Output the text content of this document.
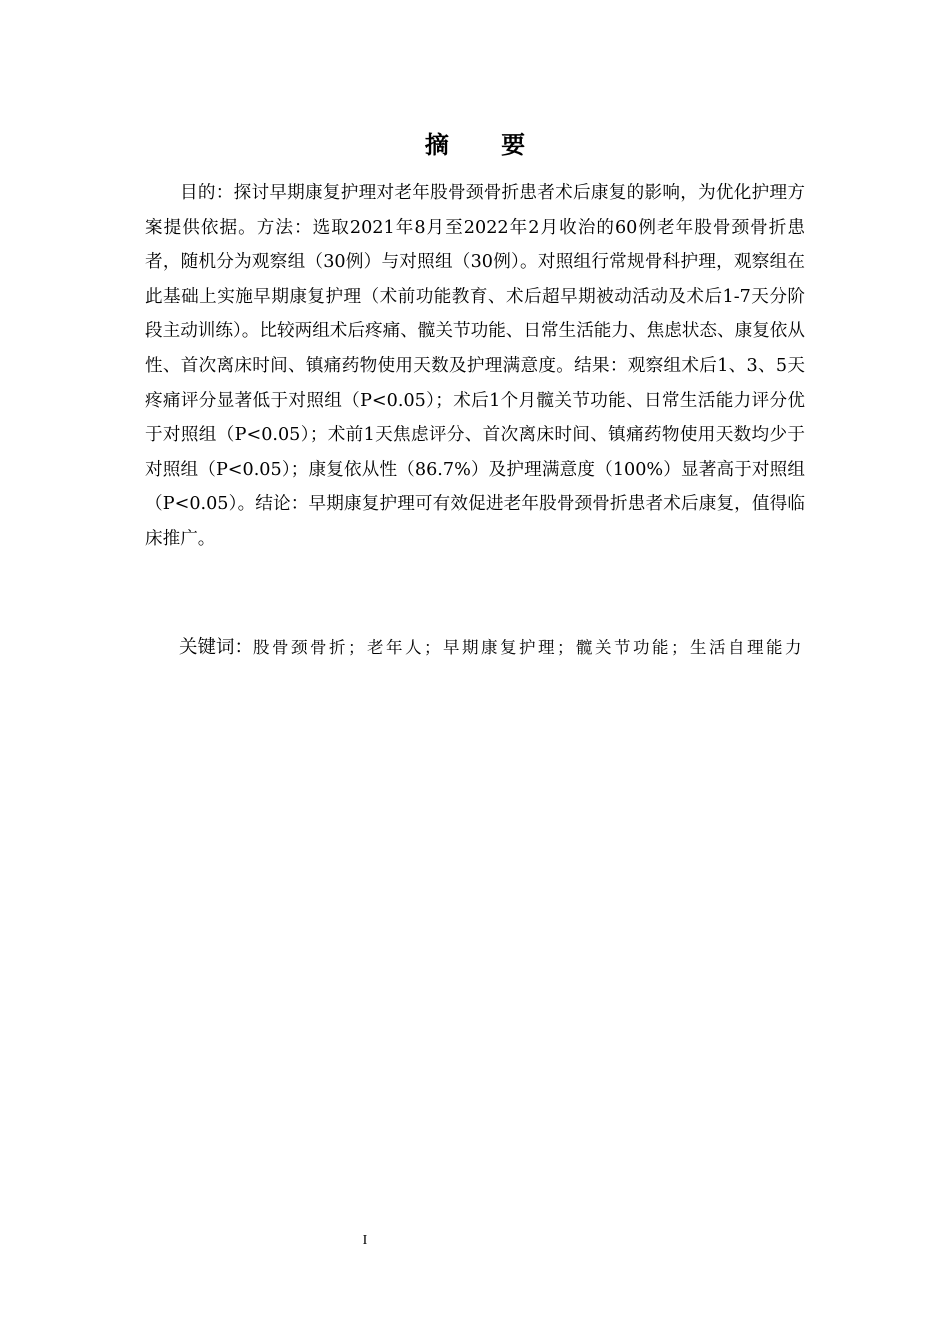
摘 要

目的：探讨早期康复护理对老年股骨颈骨折患者术后康复的影响，为优化护理方案提供依据。方法：选取2021年8月至2022年2月收治的60例老年股骨颈骨折患者，随机分为观察组（30例）与对照组（30例）。对照组行常规骨科护理，观察组在此基础上实施早期康复护理（术前功能教育、术后超早期被动活动及术后1-7天分阶段主动训练）。比较两组术后疼痛、髋关节功能、日常生活能力、焦虑状态、康复依从性、首次离床时间、镇痛药物使用天数及护理满意度。结果：观察组术后1、3、5天疼痛评分显著低于对照组（P<0.05）；术后1个月髋关节功能、日常生活能力评分优于对照组（P<0.05）；术前1天焦虑评分、首次离床时间、镇痛药物使用天数均少于对照组（P<0.05）；康复依从性（86.7%）及护理满意度（100%）显著高于对照组（P<0.05）。结论：早期康复护理可有效促进老年股骨颈骨折患者术后康复，值得临床推广。

关键词：股骨颈骨折；老年人；早期康复护理；髋关节功能；生活自理能力

I
